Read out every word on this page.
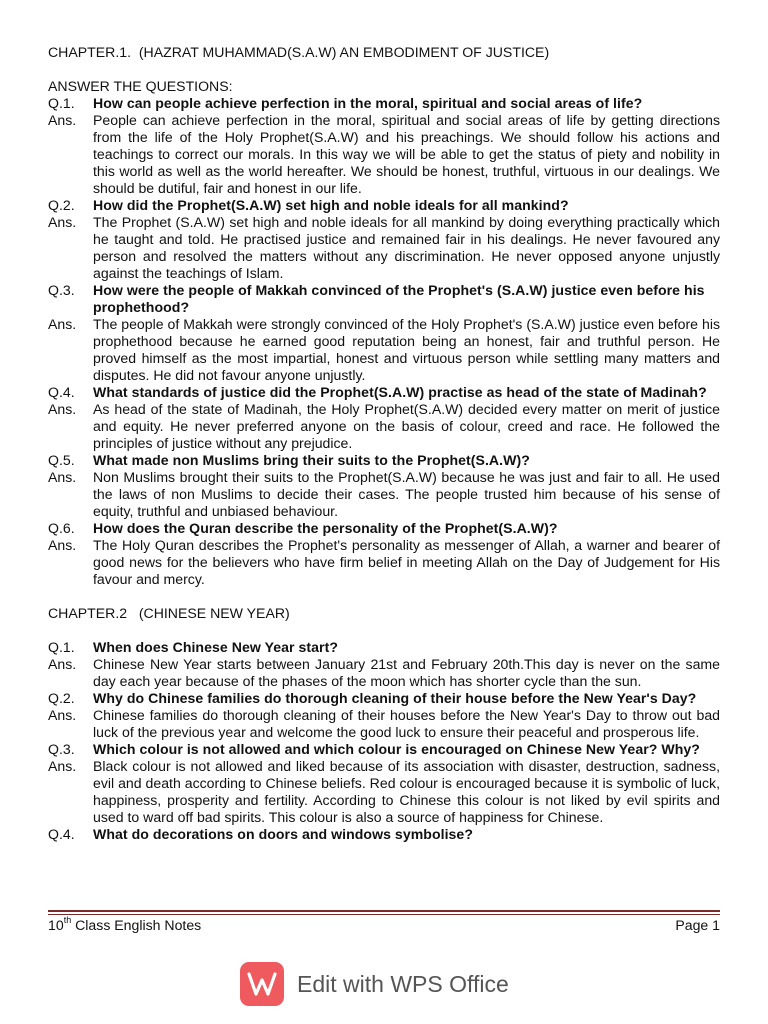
CHAPTER.1.  (HAZRAT MUHAMMAD(S.A.W) AN EMBODIMENT OF JUSTICE)
ANSWER THE QUESTIONS:
Q.1.	How can people achieve perfection in the moral, spiritual and social areas of life?
Ans.	People can achieve perfection in the moral, spiritual and social areas of life by getting directions from the life of the Holy Prophet(S.A.W) and his preachings. We should follow his actions and teachings to correct our morals. In this way we will be able to get the status of piety and nobility in this world as well as the world hereafter. We should be honest, truthful, virtuous in our dealings. We should be dutiful, fair and honest in our life.
Q.2.	How did the Prophet(S.A.W) set high and noble ideals for all mankind?
Ans.	The Prophet (S.A.W) set high and noble ideals for all mankind by doing everything practically which he taught and told. He practised justice and remained fair in his dealings. He never favoured any person and resolved the matters without any discrimination. He never opposed anyone unjustly against the teachings of Islam.
Q.3.	How were the people of Makkah convinced of the Prophet's (S.A.W) justice even before his prophethood?
Ans.	The people of Makkah were strongly convinced of the Holy Prophet's (S.A.W) justice even before his prophethood because he earned good reputation being an honest, fair and truthful person. He proved himself as the most impartial, honest and virtuous person while settling many matters and disputes. He did not favour anyone unjustly.
Q.4.	What standards of justice did the Prophet(S.A.W) practise as head of the state of Madinah?
Ans.	As head of the state of Madinah, the Holy Prophet(S.A.W) decided every matter on merit of justice and equity. He never preferred anyone on the basis of colour, creed and race. He followed the principles of justice without any prejudice.
Q.5.	What made non Muslims bring their suits to the Prophet(S.A.W)?
Ans.	Non Muslims brought their suits to the Prophet(S.A.W) because he was just and fair to all. He used the laws of non Muslims to decide their cases. The people trusted him because of his sense of equity, truthful and unbiased behaviour.
Q.6.	How does the Quran describe the personality of the Prophet(S.A.W)?
Ans.	The Holy Quran describes the Prophet's personality as messenger of Allah, a warner and bearer of good news for the believers who have firm belief in meeting Allah on the Day of Judgement for His favour and mercy.
CHAPTER.2   (CHINESE NEW YEAR)
Q.1.	When does Chinese New Year start?
Ans.	Chinese New Year starts between January 21st and February 20th.This day is never on the same day each year because of the phases of the moon which has shorter cycle than the sun.
Q.2.	Why do Chinese families do thorough cleaning of their house before the New Year's Day?
Ans.	Chinese families do thorough cleaning of their houses before the New Year's Day to throw out bad luck of the previous year and welcome the good luck to ensure their peaceful and prosperous life.
Q.3.	Which colour is not allowed and which colour is encouraged on Chinese New Year? Why?
Ans.	Black colour is not allowed and liked because of its association with disaster, destruction, sadness, evil and death according to Chinese beliefs. Red colour is encouraged because it is symbolic of luck, happiness, prosperity and fertility. According to Chinese this colour is not liked by evil spirits and used to ward off bad spirits. This colour is also a source of happiness for Chinese.
Q.4.	What do decorations on doors and windows symbolise?
10th Class English Notes	Page 1
Edit with WPS Office
